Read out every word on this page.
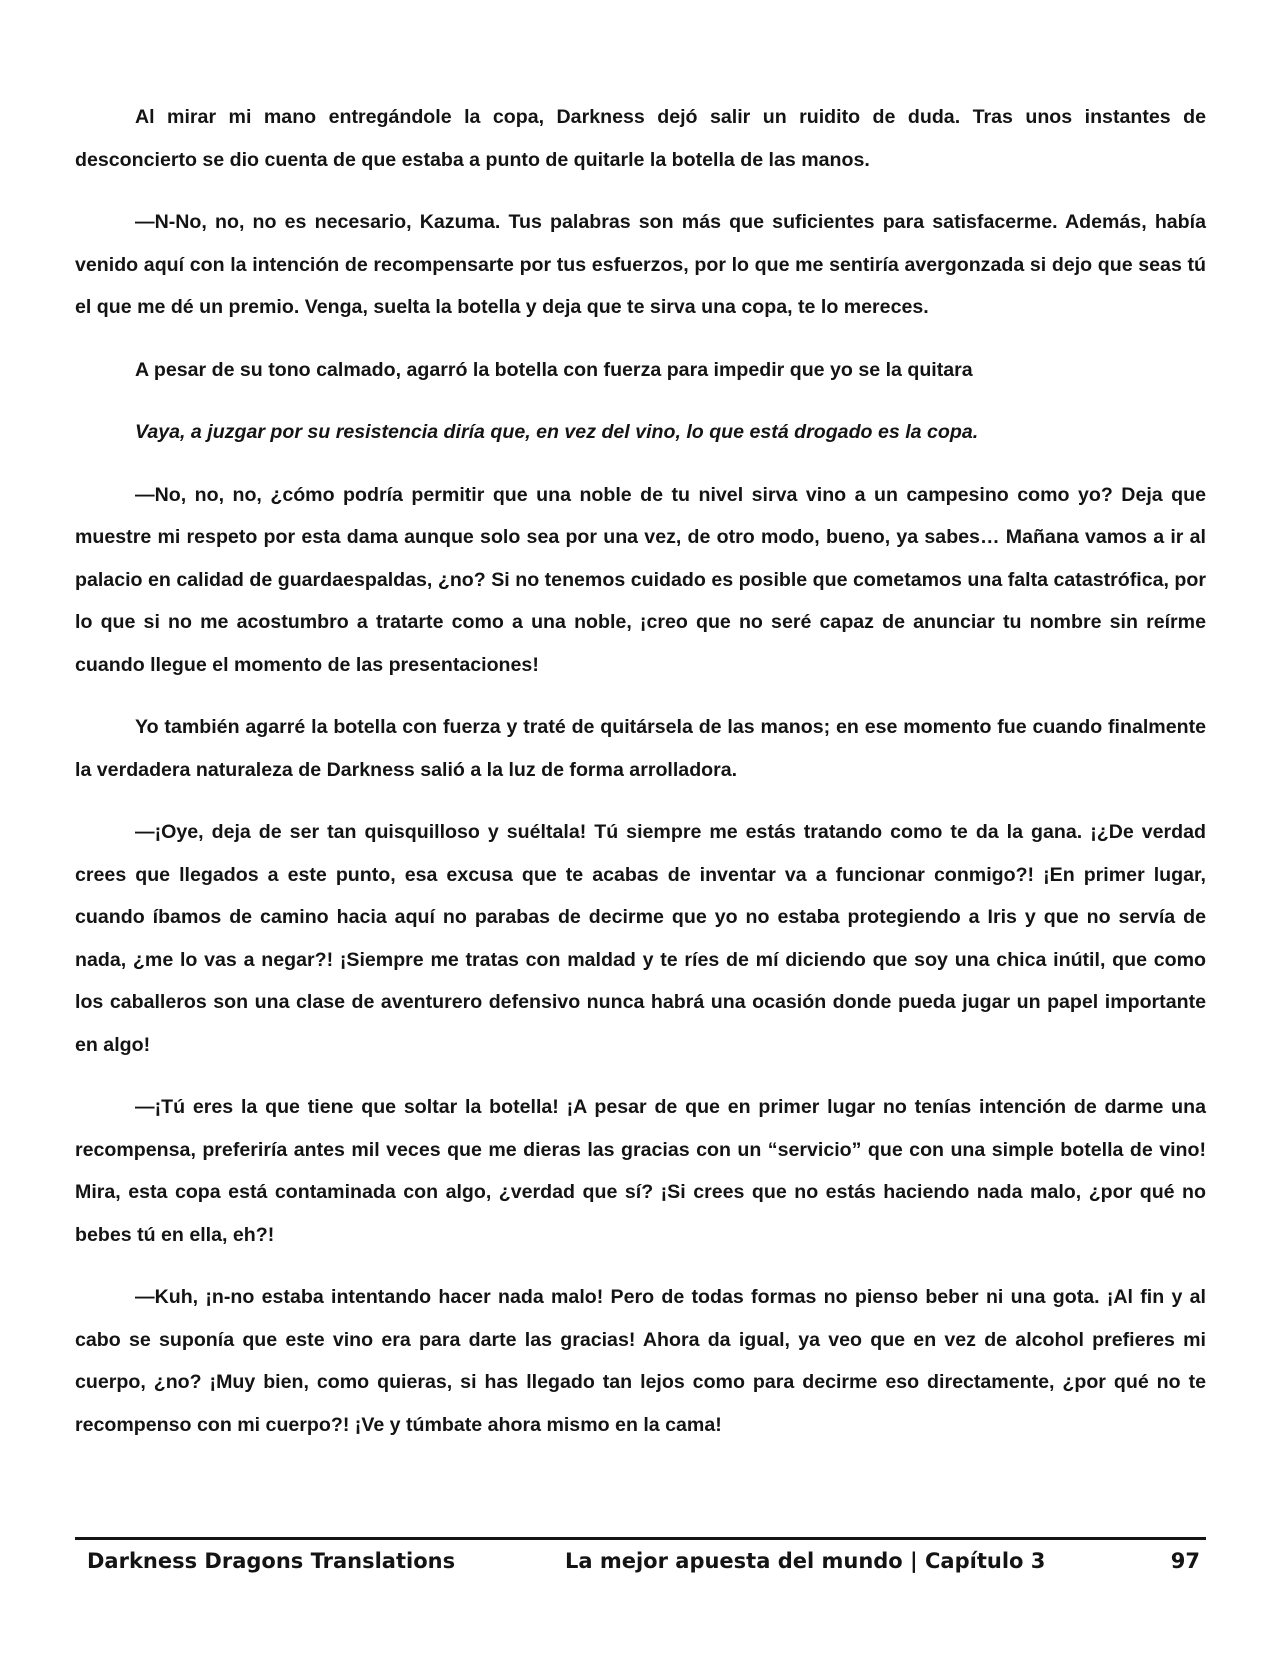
Al mirar mi mano entregándole la copa, Darkness dejó salir un ruidito de duda. Tras unos instantes de desconcierto se dio cuenta de que estaba a punto de quitarle la botella de las manos.

—N-No, no, no es necesario, Kazuma. Tus palabras son más que suficientes para satisfacerme. Además, había venido aquí con la intención de recompensarte por tus esfuerzos, por lo que me sentiría avergonzada si dejo que seas tú el que me dé un premio. Venga, suelta la botella y deja que te sirva una copa, te lo mereces.

A pesar de su tono calmado, agarró la botella con fuerza para impedir que yo se la quitara

Vaya, a juzgar por su resistencia diría que, en vez del vino, lo que está drogado es la copa.

—No, no, no, ¿cómo podría permitir que una noble de tu nivel sirva vino a un campesino como yo? Deja que muestre mi respeto por esta dama aunque solo sea por una vez, de otro modo, bueno, ya sabes… Mañana vamos a ir al palacio en calidad de guardaespaldas, ¿no? Si no tenemos cuidado es posible que cometamos una falta catastrófica, por lo que si no me acostumbro a tratarte como a una noble, ¡creo que no seré capaz de anunciar tu nombre sin reírme cuando llegue el momento de las presentaciones!

Yo también agarré la botella con fuerza y traté de quitársela de las manos; en ese momento fue cuando finalmente la verdadera naturaleza de Darkness salió a la luz de forma arrolladora.

—¡Oye, deja de ser tan quisquilloso y suéltala! Tú siempre me estás tratando como te da la gana. ¡¿De verdad crees que llegados a este punto, esa excusa que te acabas de inventar va a funcionar conmigo?! ¡En primer lugar, cuando íbamos de camino hacia aquí no parabas de decirme que yo no estaba protegiendo a Iris y que no servía de nada, ¿me lo vas a negar?! ¡Siempre me tratas con maldad y te ríes de mí diciendo que soy una chica inútil, que como los caballeros son una clase de aventurero defensivo nunca habrá una ocasión donde pueda jugar un papel importante en algo!

—¡Tú eres la que tiene que soltar la botella! ¡A pesar de que en primer lugar no tenías intención de darme una recompensa, preferiría antes mil veces que me dieras las gracias con un “servicio” que con una simple botella de vino! Mira, esta copa está contaminada con algo, ¿verdad que sí? ¡Si crees que no estás haciendo nada malo, ¿por qué no bebes tú en ella, eh?!

—Kuh, ¡n-no estaba intentando hacer nada malo! Pero de todas formas no pienso beber ni una gota. ¡Al fin y al cabo se suponía que este vino era para darte las gracias! Ahora da igual, ya veo que en vez de alcohol prefieres mi cuerpo, ¿no? ¡Muy bien, como quieras, si has llegado tan lejos como para decirme eso directamente, ¿por qué no te recompenso con mi cuerpo?! ¡Ve y túmbate ahora mismo en la cama!

Darkness Dragons Translations	La mejor apuesta del mundo | Capítulo 3	97
